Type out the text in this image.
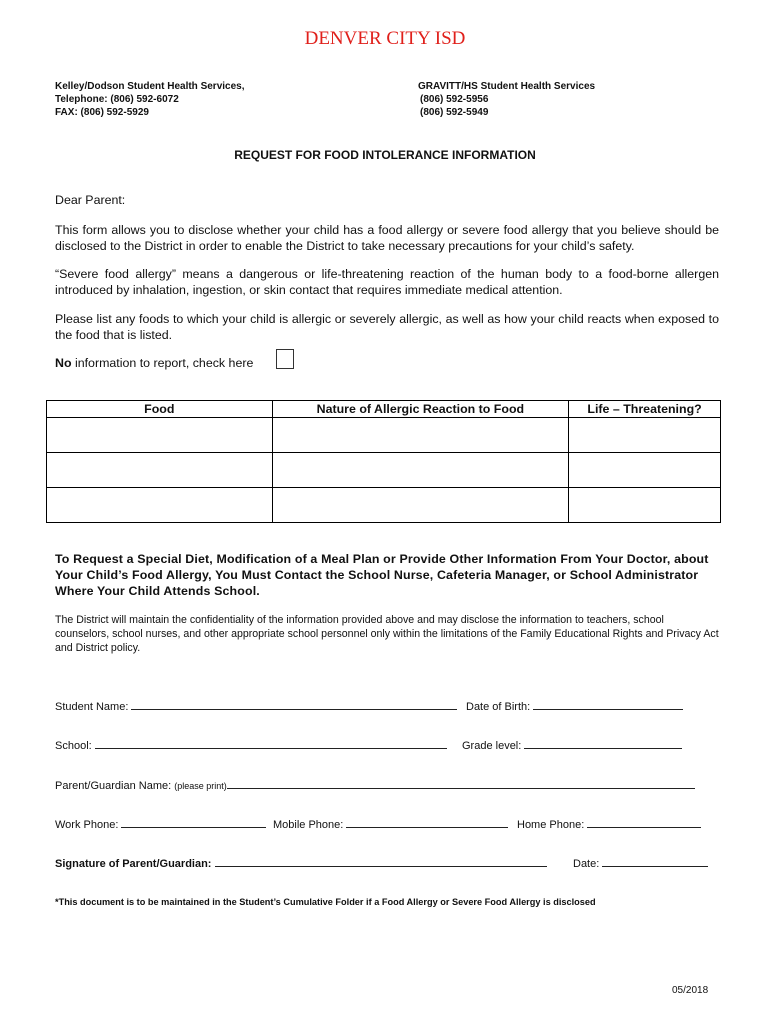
DENVER CITY ISD
Kelley/Dodson Student Health Services,
Telephone: (806) 592-6072
FAX: (806) 592-5929
GRAVITT/HS Student Health Services
(806) 592-5956
(806) 592-5949
REQUEST FOR FOOD INTOLERANCE INFORMATION
Dear Parent:
This form allows you to disclose whether your child has a food allergy or severe food allergy that you believe should be disclosed to the District in order to enable the District to take necessary precautions for your child’s safety.
“Severe food allergy” means a dangerous or life-threatening reaction of the human body to a food-borne allergen introduced by inhalation, ingestion, or skin contact that requires immediate medical attention.
Please list any foods to which your child is allergic or severely allergic, as well as how your child reacts when exposed to the food that is listed.
No information to report, check here
Food	Nature of Allergic Reaction to Food	Life – Threatening?

To Request a Special Diet, Modification of a Meal Plan or Provide Other Information From Your Doctor, about Your Child’s Food Allergy, You Must Contact the School Nurse, Cafeteria Manager, or School Administrator Where Your Child Attends School.
The District will maintain the confidentiality of the information provided above and may disclose the information to teachers, school counselors, school nurses, and other appropriate school personnel only within the limitations of the Family Educational Rights and Privacy Act and District policy.
Student Name:	Date of Birth:
School:	Grade level:
Parent/Guardian Name: (please print)
Work Phone:	Mobile Phone:	Home Phone:
Signature of Parent/Guardian:	Date:
*This document is to be maintained in the Student’s Cumulative Folder if a Food Allergy or Severe Food Allergy is disclosed
05/2018
